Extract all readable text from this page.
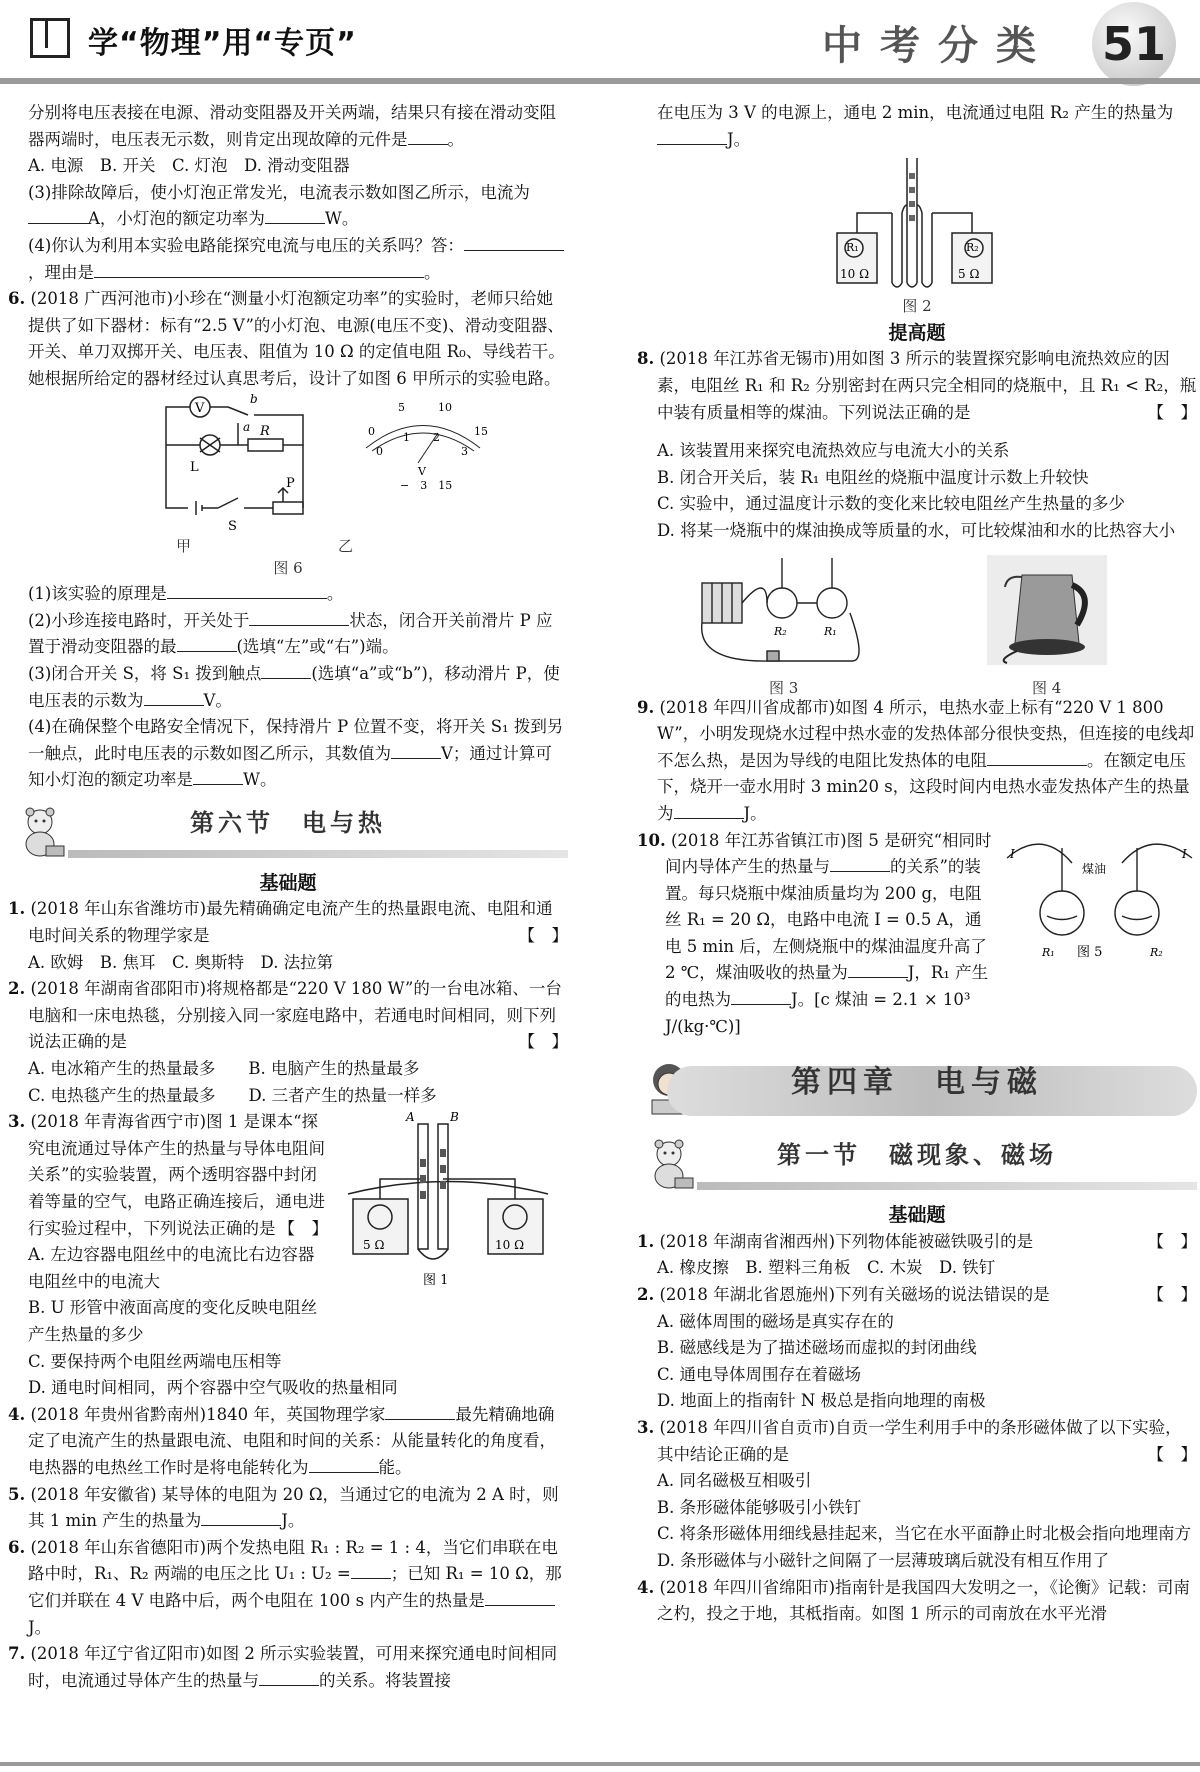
学“物理”用“专页”	中考分类 51

分别将电压表接在电源、滑动变阻器及开关两端，结果只有接在滑动变阻器两端时，电压表无示数，则肯定出现故障的元件是 。

A. 电源　B. 开关　C. 灯泡　D. 滑动变阻器

(3)排除故障后，使小灯泡正常发光，电流表示数如图乙所示，电流为A，小灯泡的额定功率为	W。

(4)你认为利用本实验电路能探究电流与电压的关系吗？答：，理由是	。

6. (2018 广西河池市)小珍在“测量小灯泡额定功率”的实验时，老师只给她提供了如下器材：标有“2.5 V”的小灯泡、电源(电压不变)、滑动变阻器、开关、单刀双掷开关、电压表、阻值为 10 Ω 的定值电阻 R₀、导线若干。她根据所给定的器材经过认真思考后，设计了如图 6 甲所示的实验电路。

V
R
L
S
P
a
b
0
5	10
15
0
1 2
3
V
−　3　15
甲	乙

图 6

(1)该实验的原理是	。

(2)小珍连接电路时，开关处于	状态，闭合开关前滑片 P 应置于滑动变阻器的最	(选填“左”或“右”)端。

(3)闭合开关 S，将 S₁ 拨到触点	(选填“a”或“b”)，移动滑片 P，使电压表的示数为	V。

(4)在确保整个电路安全情况下，保持滑片 P 位置不变，将开关 S₁ 拨到另一触点，此时电压表的示数如图乙所示，其数值为	V；通过计算可知小灯泡的额定功率是	W。

第六节　电与热

基础题

1. (2018 年山东省潍坊市)最先精确确定电流产生的热量跟电流、电阻和通电时间关系的物理学家是	【　】

A. 欧姆　B. 焦耳　C. 奥斯特　D. 法拉第

2. (2018 年湖南省邵阳市)将规格都是“220 V 180 W”的一台电冰箱、一台电脑和一床电热毯，分别接入同一家庭电路中，若通电时间相同，则下列说法正确的是	【　】

A. 电冰箱产生的热量最多　　B. 电脑产生的热量最多

C. 电热毯产生的热量最多　　D. 三者产生的热量一样多

3. (2018 年青海省西宁市)图 1 是课本“探究电流通过导体产生的热量与导体电阻间关系”的实验装置，两个透明容器中封闭着等量的空气，电路正确连接后，通电进行实验过程中，下列说法正确的是 【　】

A. 左边容器电阻丝中的电流比右边容器电阻丝中的电流大

B. U 形管中液面高度的变化反映电阻丝产生热量的多少

A	B
5 Ω	10 Ω
图 1

C. 要保持两个电阻丝两端电压相等

D. 通电时间相同，两个容器中空气吸收的热量相同

4. (2018 年贵州省黔南州)1840 年，英国物理学家	最先精确地确定了电流产生的热量跟电流、电阻和时间的关系：从能量转化的角度看，电热器的电热丝工作时是将电能转化为	能。

5. (2018 年安徽省) 某导体的电阻为 20 Ω，当通过它的电流为 2 A 时，则其 1 min 产生的热量为	J。

6. (2018 年山东省德阳市)两个发热电阻 R₁ : R₂ = 1 : 4，当它们串联在电路中时，R₁、R₂ 两端的电压之比 U₁ : U₂ = ；已知 R₁ = 10 Ω，那它们并联在 4 V 电路中后，两个电阻在 100 s 内产生的热量是J。

7. (2018 年辽宁省辽阳市)如图 2 所示实验装置，可用来探究通电时间相同时，电流通过导体产生的热量与	的关系。将装置接

在电压为 3 V 的电源上，通电 2 min，电流通过电阻 R₂ 产生的热量为J。

R₁	R₂
10 Ω	5 Ω

图 2

提高题

8. (2018 年江苏省无锡市)用如图 3 所示的装置探究影响电流热效应的因素，电阻丝 R₁ 和 R₂ 分别密封在两只完全相同的烧瓶中，且 R₁ < R₂，瓶中装有质量相等的煤油。下列说法正确的是	【　】

A. 该装置用来探究电流热效应与电流大小的关系

B. 闭合开关后，装 R₁ 电阻丝的烧瓶中温度计示数上升较快

C. 实验中，通过温度计示数的变化来比较电阻丝产生热量的多少

D. 将某一烧瓶中的煤油换成等质量的水，可比较煤油和水的比热容大小

R₂	R₁
图 3	图 4

9. (2018 年四川省成都市)如图 4 所示，电热水壶上标有“220 V 1 800 W”，小明发现烧水过程中热水壶的发热体部分很快变热，但连接的电线却不怎么热，是因为导线的电阻比发热体的电阻	。在额定电压下，烧开一壶水用时 3 min20 s，这段时间内电热水壶发热体产生的热量为	J。

10. (2018 年江苏省镇江市)图 5 是研究“相同时间内导体产生的热量与	的关系”的装置。每只烧瓶中煤油质量均为 200 g，电阻丝 R₁ = 20 Ω，电路中电流 I = 0.5 A，通电 5 min 后，左侧烧瓶中的煤油温度升高了 2 ℃，煤油吸收的热量为	J，R₁ 产生的电热为	J。[c 煤油 = 2.1 × 10³ J/(kg·℃)]

I	I
煤油
R₁	R₂
图 5
第四章　电与磁
第一节　磁现象、磁场

基础题

1. (2018 年湖南省湘西州)下列物体能被磁铁吸引的是	【　】

A. 橡皮擦　B. 塑料三角板　C. 木炭　D. 铁钉

2. (2018 年湖北省恩施州)下列有关磁场的说法错误的是	【　】

A. 磁体周围的磁场是真实存在的

B. 磁感线是为了描述磁场而虚拟的封闭曲线

C. 通电导体周围存在着磁场

D. 地面上的指南针 N 极总是指向地理的南极

3. (2018 年四川省自贡市)自贡一学生利用手中的条形磁体做了以下实验，其中结论正确的是	【　】

A. 同名磁极互相吸引

B. 条形磁体能够吸引小铁钉

C. 将条形磁体用细线悬挂起来，当它在水平面静止时北极会指向地理南方

D. 条形磁体与小磁针之间隔了一层薄玻璃后就没有相互作用了

4. (2018 年四川省绵阳市)指南针是我国四大发明之一，《论衡》记载：司南之杓，投之于地，其柢指南。如图 1 所示的司南放在水平光滑
